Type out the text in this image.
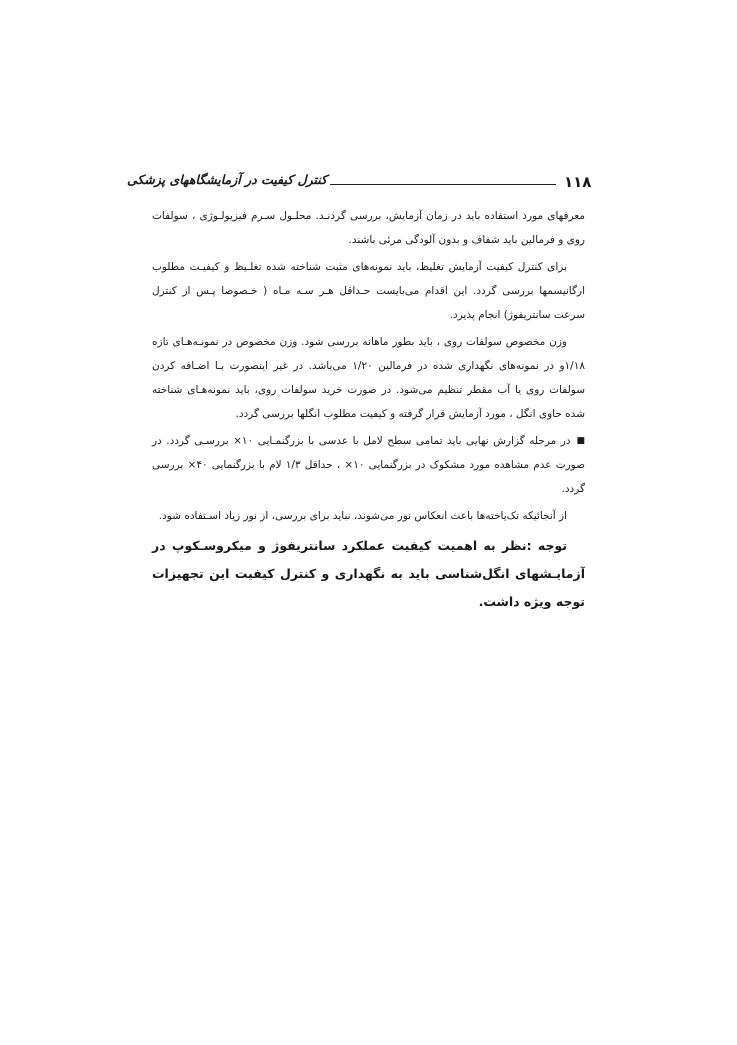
کنترل کیفیت در آزمایشگاههای پزشکی	۱۱۸

معرفهای مورد استفاده باید در زمان آزمایش، بررسی گردنـد. محلـول سـرم فیزیولـوژی ، سولفات روی و فرمالین باید شفاف و بدون آلودگی مرئی باشند.

برای کنترل کیفیت آزمایش تغلیظ، باید نمونه‌های مثبت شناخته شده تغلـیظ و کیفیـت مطلوب ارگانیسمها بررسی گردد. این اقدام می‌بایست حـداقل هـر سـه مـاه ( خـصوصا پـس از کنترل سرعت سانتریفوژ) انجام پذیرد.

وزن مخصوص سولفات روی ، باید بطور ماهانه بررسی شود. وزن مخصوص در نمونـه‌هـای تازه ۱/۱۸و در نمونه‌های نگهداری شده در فرمالین ۱/۲۰ می‌باشد. در غیر اینصورت بـا اضـافه کردن سولفات روی یا آب مقطر تنظیم می‌شود. در صورت خرید سولفات روی، باید نمونه‌هـای شناخته شده حاوی انگل ، مورد آزمایش قرار گرفته و کیفیت مطلوب انگلها بررسی گردد.

■در مرحله گزارش نهایی باید تمامی سطح لامل با عدسی با بزرگنمـایی ۱۰× بررسـی گردد. در صورت عدم مشاهده مورد مشکوک در بزرگنمایی ۱۰× ، حداقل ۱/۳ لام با بزرگنمایی ۴۰× بررسی گردد.

از آنجائیکه تک‌یاخته‌ها باعث انعکاس نور می‌شوند، نباید برای بررسی، از نور زیاد اسـتفاده شود.

توجه :نظر به اهمیت کیفیت عملکرد سانتریفوژ و میکروسـکوپ در آزمایـشهای انگل‌شناسی باید به نگهداری و کنترل کیفیت این تجهیزات توجه ویژه داشت.
